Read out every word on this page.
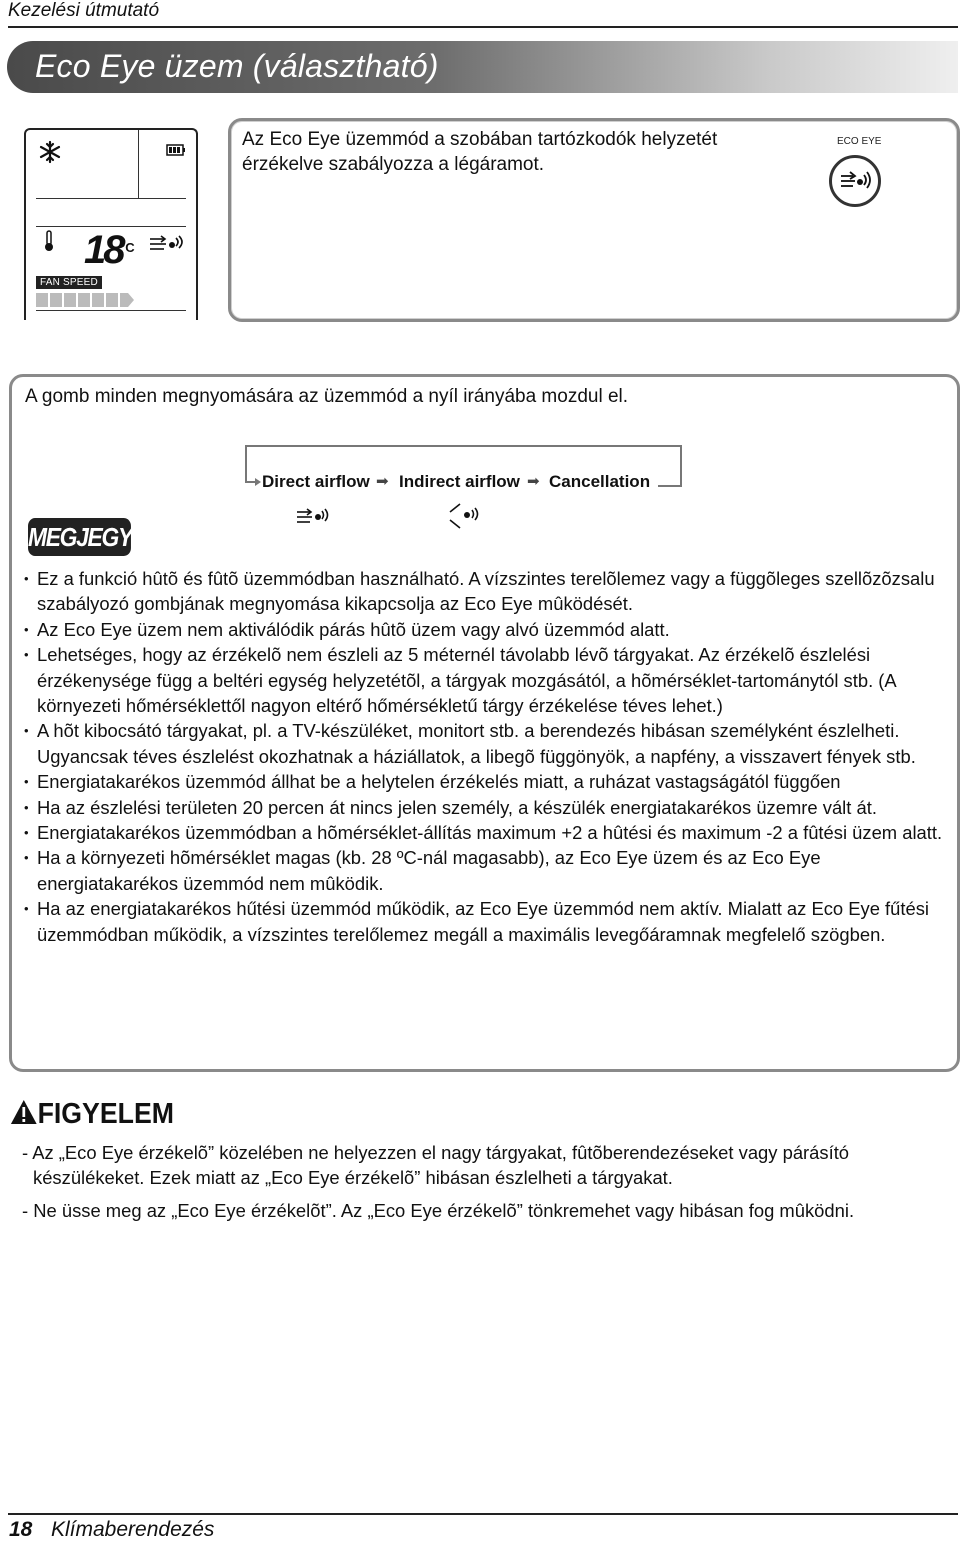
Kezelési útmutató
Eco Eye üzem (választható)
18
°C
FAN SPEED
Az Eco Eye üzemmód a szobában tartózkodók helyzetét érzékelve szabályozza a légáramot.
ECO EYE
A gomb minden megnyomására az üzemmód a nyíl irányába mozdul el.
Direct airflow ➡ Indirect airflow ➡ Cancellation
MEGJEGYZÉS
• Ez a funkció hûtõ és fûtõ üzemmódban használható. A vízszintes terelõlemez vagy a függõleges szellõzõzsalu szabályozó gombjának megnyomása kikapcsolja az Eco Eye mûködését.
• Az Eco Eye üzem nem aktiválódik párás hûtõ üzem vagy alvó üzemmód alatt.
• Lehetséges, hogy az érzékelõ nem észleli az 5 méternél távolabb lévõ tárgyakat. Az érzékelõ észlelési érzékenysége függ a beltéri egység helyzetétõl, a tárgyak mozgásától, a hõmérséklet-tartománytól stb. (A környezeti hőmérséklettől nagyon eltérő hőmérsékletű tárgy érzékelése téves lehet.)
• A hõt kibocsátó tárgyakat, pl. a TV-készüléket, monitort stb. a berendezés hibásan személyként észlelheti. Ugyancsak téves észlelést okozhatnak a háziállatok, a libegõ függönyök, a napfény, a visszavert fények stb.
• Energiatakarékos üzemmód állhat be a helytelen érzékelés miatt, a ruházat vastagságától függően
• Ha az észlelési területen 20 percen át nincs jelen személy, a készülék energiatakarékos üzemre vált át.
• Energiatakarékos üzemmódban a hõmérséklet-állítás maximum +2 a hûtési és maximum -2 a fûtési üzem alatt.
• Ha a környezeti hõmérséklet magas (kb. 28 ºC-nál magasabb), az Eco Eye üzem és az Eco Eye energiatakarékos üzemmód nem mûködik.
• Ha az energiatakarékos hűtési üzemmód működik, az Eco Eye üzemmód nem aktív. Mialatt az Eco Eye fűtési üzemmódban működik, a vízszintes terelőlemez megáll a maximális levegőáramnak megfelelő szögben.
FIGYELEM
- Az „Eco Eye érzékelõ” közelében ne helyezzen el nagy tárgyakat, fûtõberendezéseket vagy párásító készülékeket. Ezek miatt az „Eco Eye érzékelõ” hibásan észlelheti a tárgyakat.
- Ne üsse meg az „Eco Eye érzékelõt”. Az „Eco Eye érzékelõ” tönkremehet vagy hibásan fog mûködni.
18 Klímaberendezés
